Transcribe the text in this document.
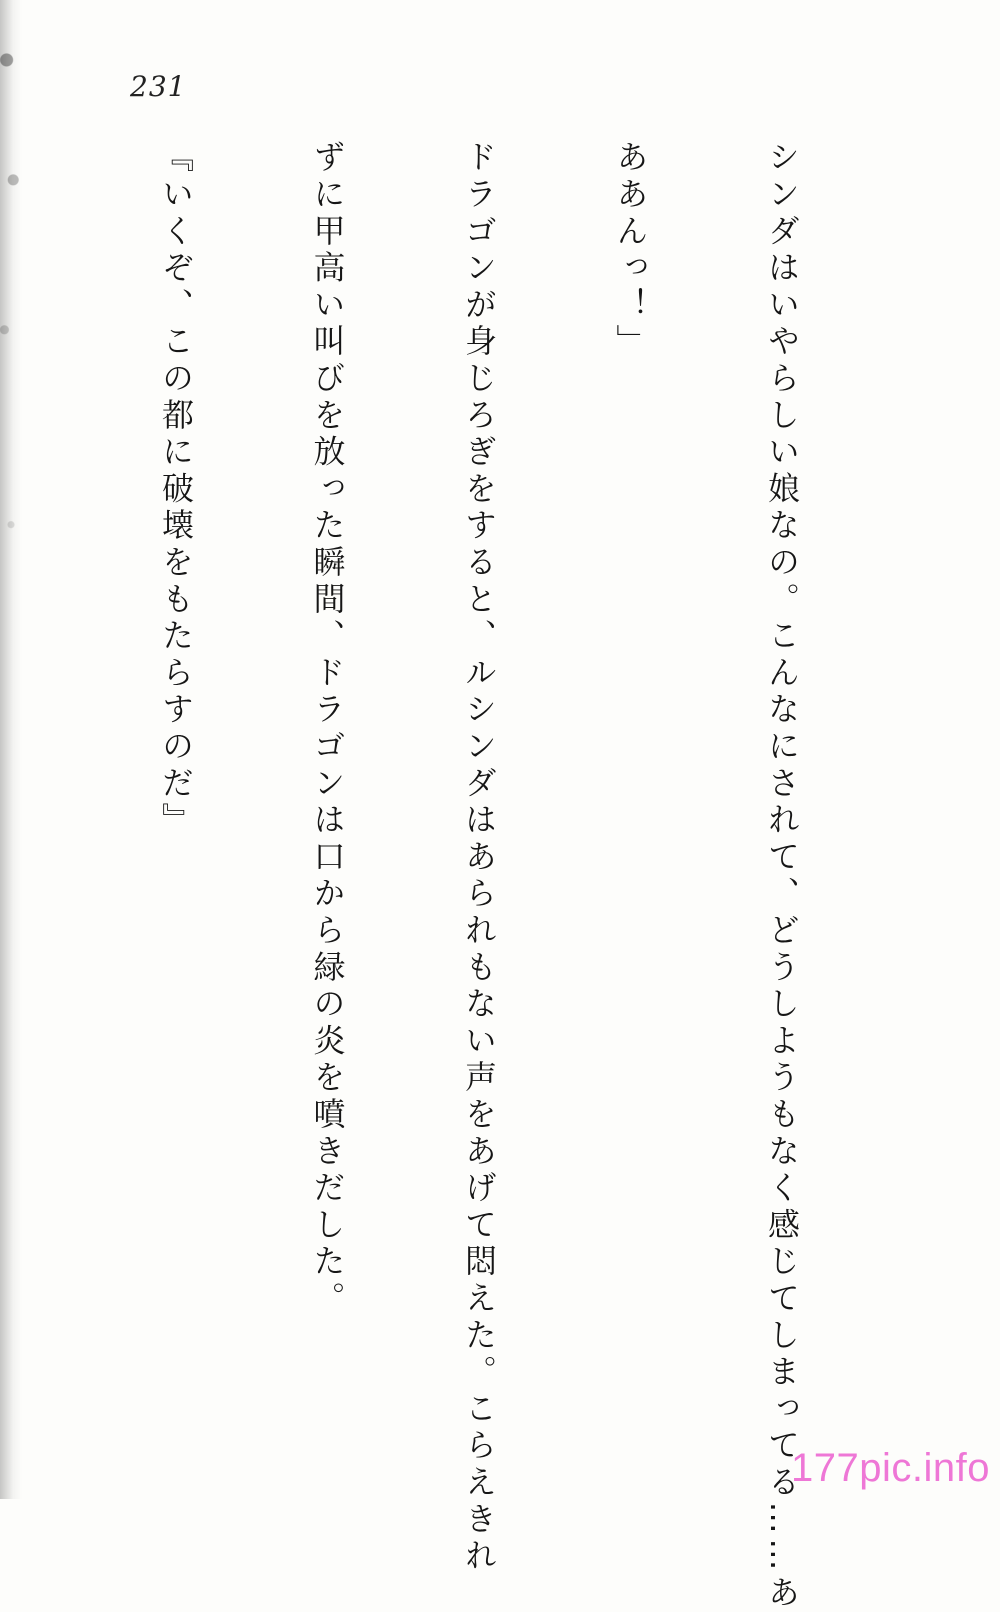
231

シンダはいやらしい娘なの。こんなにされて、どうしようもなく感じてしまってる……あ

ああんっ！」

ドラゴンが身じろぎをすると、ルシンダはあられもない声をあげて悶えた。こらえきれ

ずに甲高い叫びを放った瞬間、ドラゴンは口から緑の炎を噴きだした。

『いくぞ、この都に破壊をもたらすのだ』

177pic.info
